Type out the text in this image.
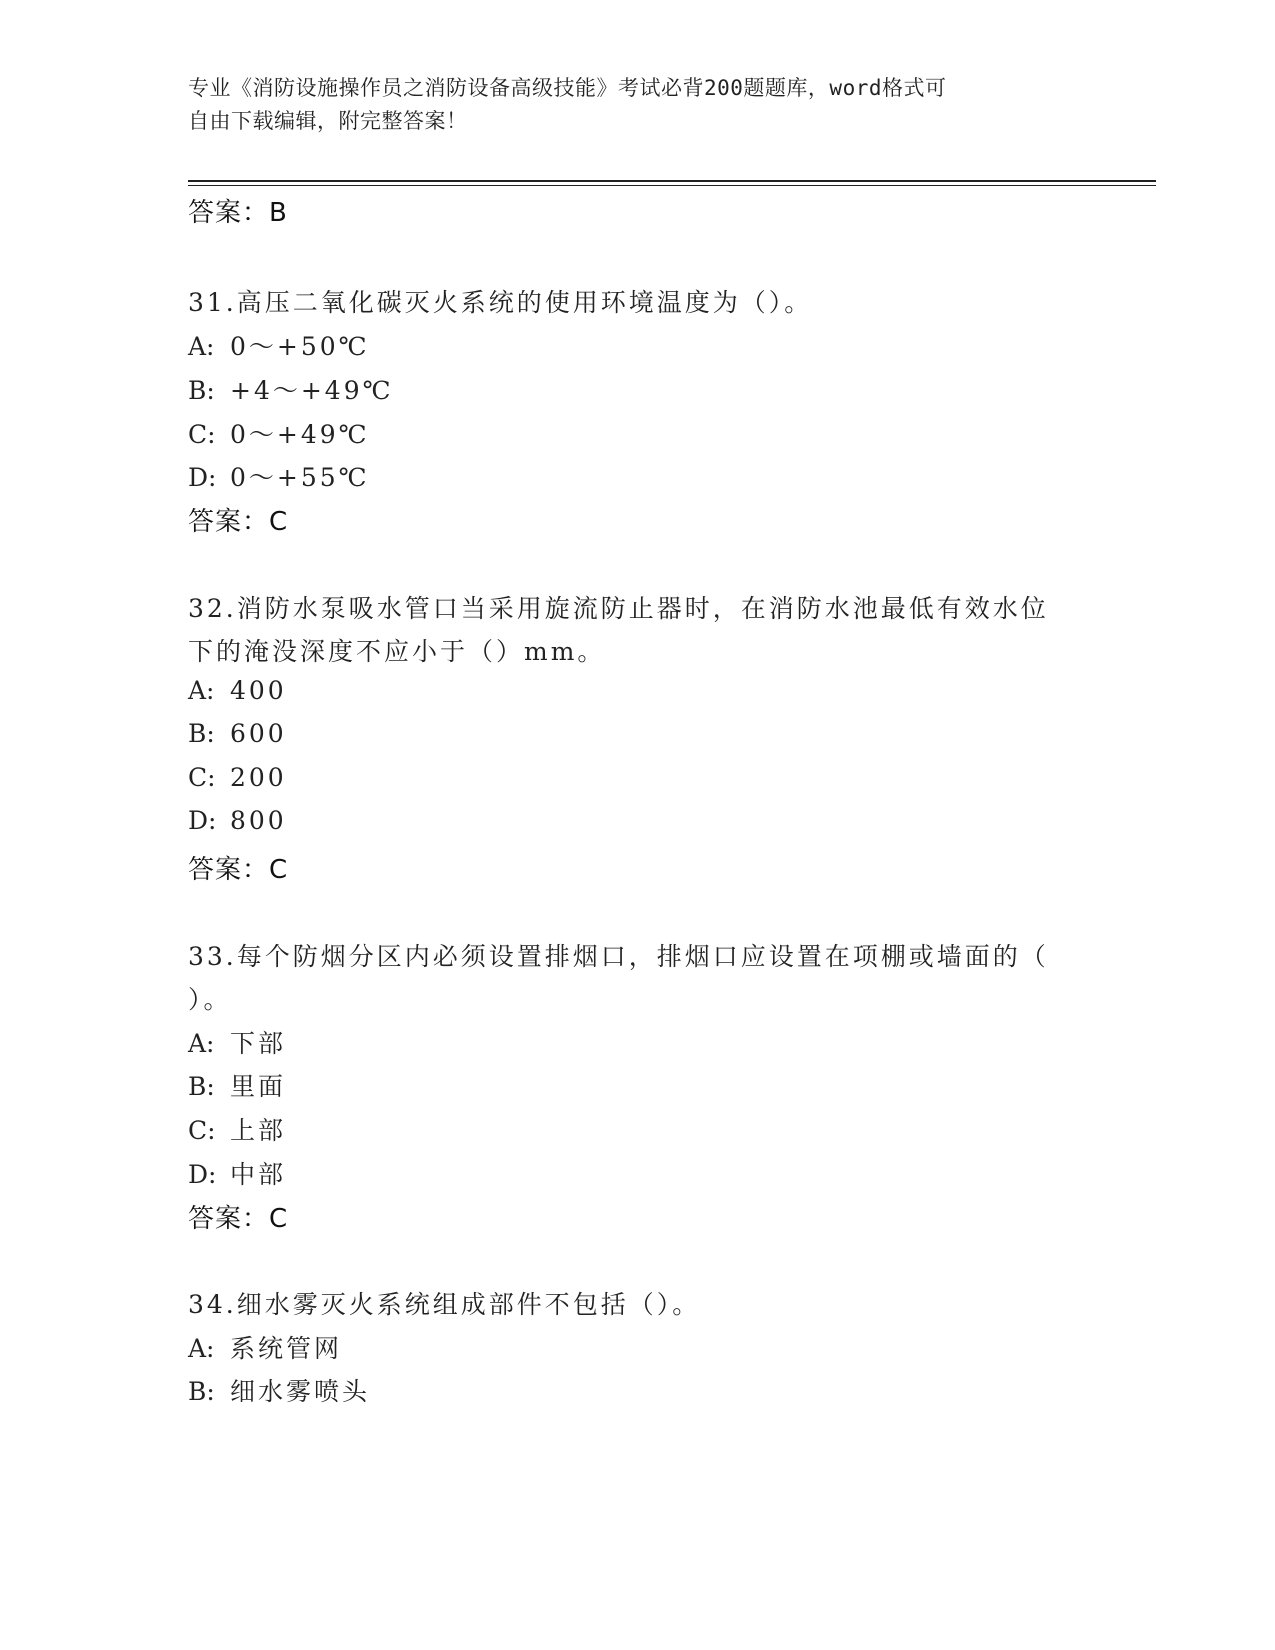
专业《消防设施操作员之消防设备高级技能》考试必背200题题库，word格式可
自由下载编辑，附完整答案！
答案：B
31.高压二氧化碳灭火系统的使用环境温度为（）。
A: 0～+50℃
B: +4～+49℃
C: 0～+49℃
D: 0～+55℃
答案：C
32.消防水泵吸水管口当采用旋流防止器时，在消防水池最低有效水位
下的淹没深度不应小于（）mm。
A: 400
B: 600
C: 200
D: 800
答案：C
33.每个防烟分区内必须设置排烟口，排烟口应设置在项棚或墙面的（
）。
A: 下部
B: 里面
C: 上部
D: 中部
答案：C
34.细水雾灭火系统组成部件不包括（）。
A: 系统管网
B: 细水雾喷头
